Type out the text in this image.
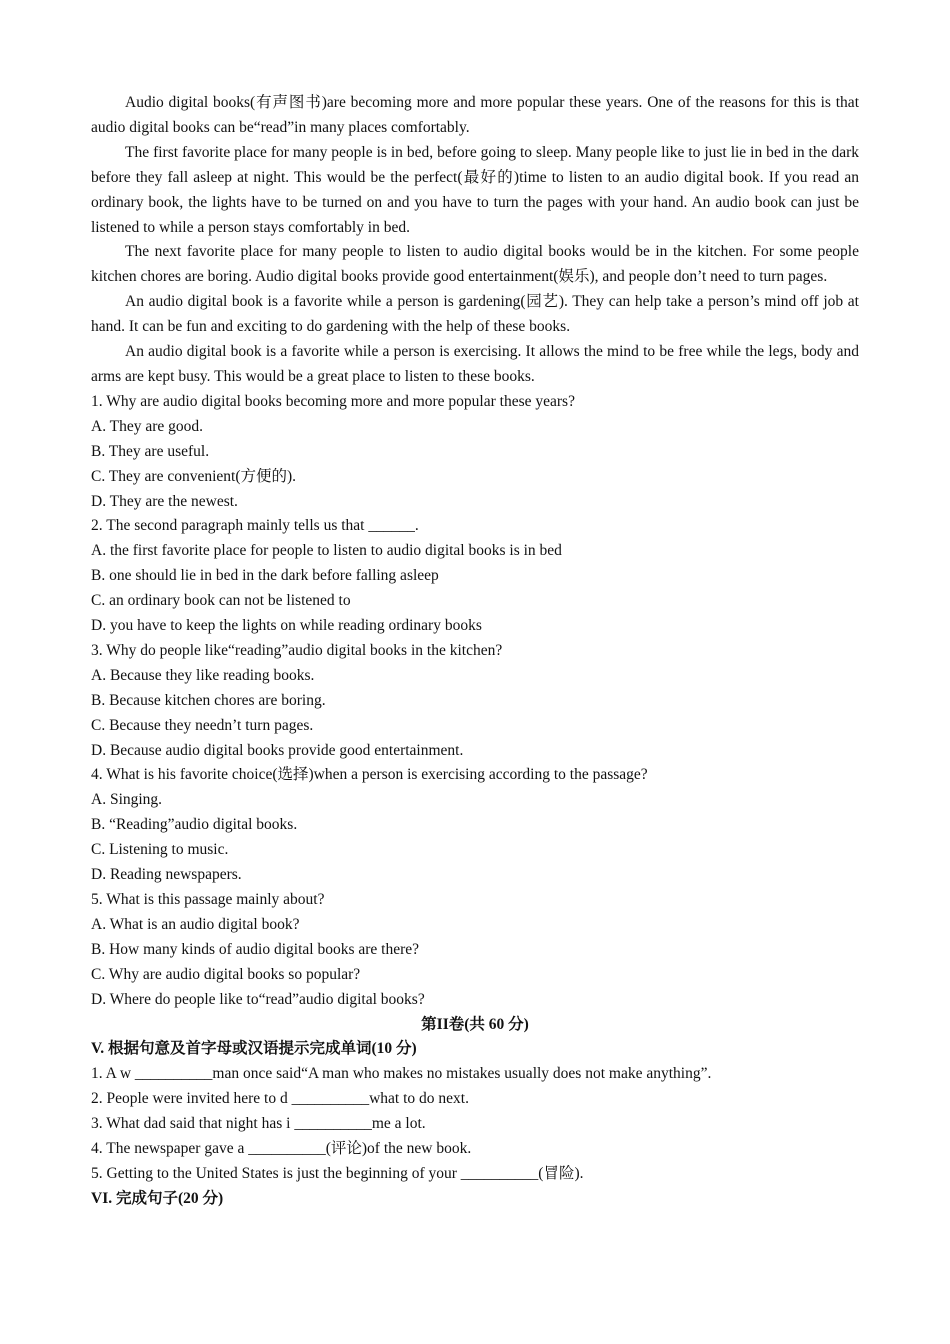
Audio digital books(有声图书)are becoming more and more popular these years. One of the reasons for this is that audio digital books can be“read”in many places comfortably.

The first favorite place for many people is in bed, before going to sleep. Many people like to just lie in bed in the dark before they fall asleep at night. This would be the perfect(最好的)time to listen to an audio digital book. If you read an ordinary book, the lights have to be turned on and you have to turn the pages with your hand. An audio book can just be listened to while a person stays comfortably in bed.

The next favorite place for many people to listen to audio digital books would be in the kitchen. For some people kitchen chores are boring. Audio digital books provide good entertainment(娱乐), and people don’t need to turn pages.

An audio digital book is a favorite while a person is gardening(园艺). They can help take a person’s mind off job at hand. It can be fun and exciting to do gardening with the help of these books.

An audio digital book is a favorite while a person is exercising. It allows the mind to be free while the legs, body and arms are kept busy. This would be a great place to listen to these books.

1. Why are audio digital books becoming more and more popular these years?

A. They are good.

B. They are useful.

C. They are convenient(方便的).

D. They are the newest.

2. The second paragraph mainly tells us that ______.

A. the first favorite place for people to listen to audio digital books is in bed

B. one should lie in bed in the dark before falling asleep

C. an ordinary book can not be listened to

D. you have to keep the lights on while reading ordinary books

3. Why do people like“reading”audio digital books in the kitchen?

A. Because they like reading books.

B. Because kitchen chores are boring.

C. Because they needn’t turn pages.

D. Because audio digital books provide good entertainment.

4. What is his favorite choice(选择)when a person is exercising according to the passage?

A. Singing.

B. “Reading”audio digital books.

C. Listening to music.

D. Reading newspapers.

5. What is this passage mainly about?

A. What is an audio digital book?

B. How many kinds of audio digital books are there?

C. Why are audio digital books so popular?

D. Where do people like to“read”audio digital books?

第II卷(共 60 分)

V. 根据句意及首字母或汉语提示完成单词(10 分)

1. A w __________man once said“A man who makes no mistakes usually does not make anything”.

2. People were invited here to d __________what to do next.

3. What dad said that night has i __________me a lot.

4. The newspaper gave a __________(评论)of the new book.

5. Getting to the United States is just the beginning of your __________(冒险).

VI. 完成句子(20 分)
